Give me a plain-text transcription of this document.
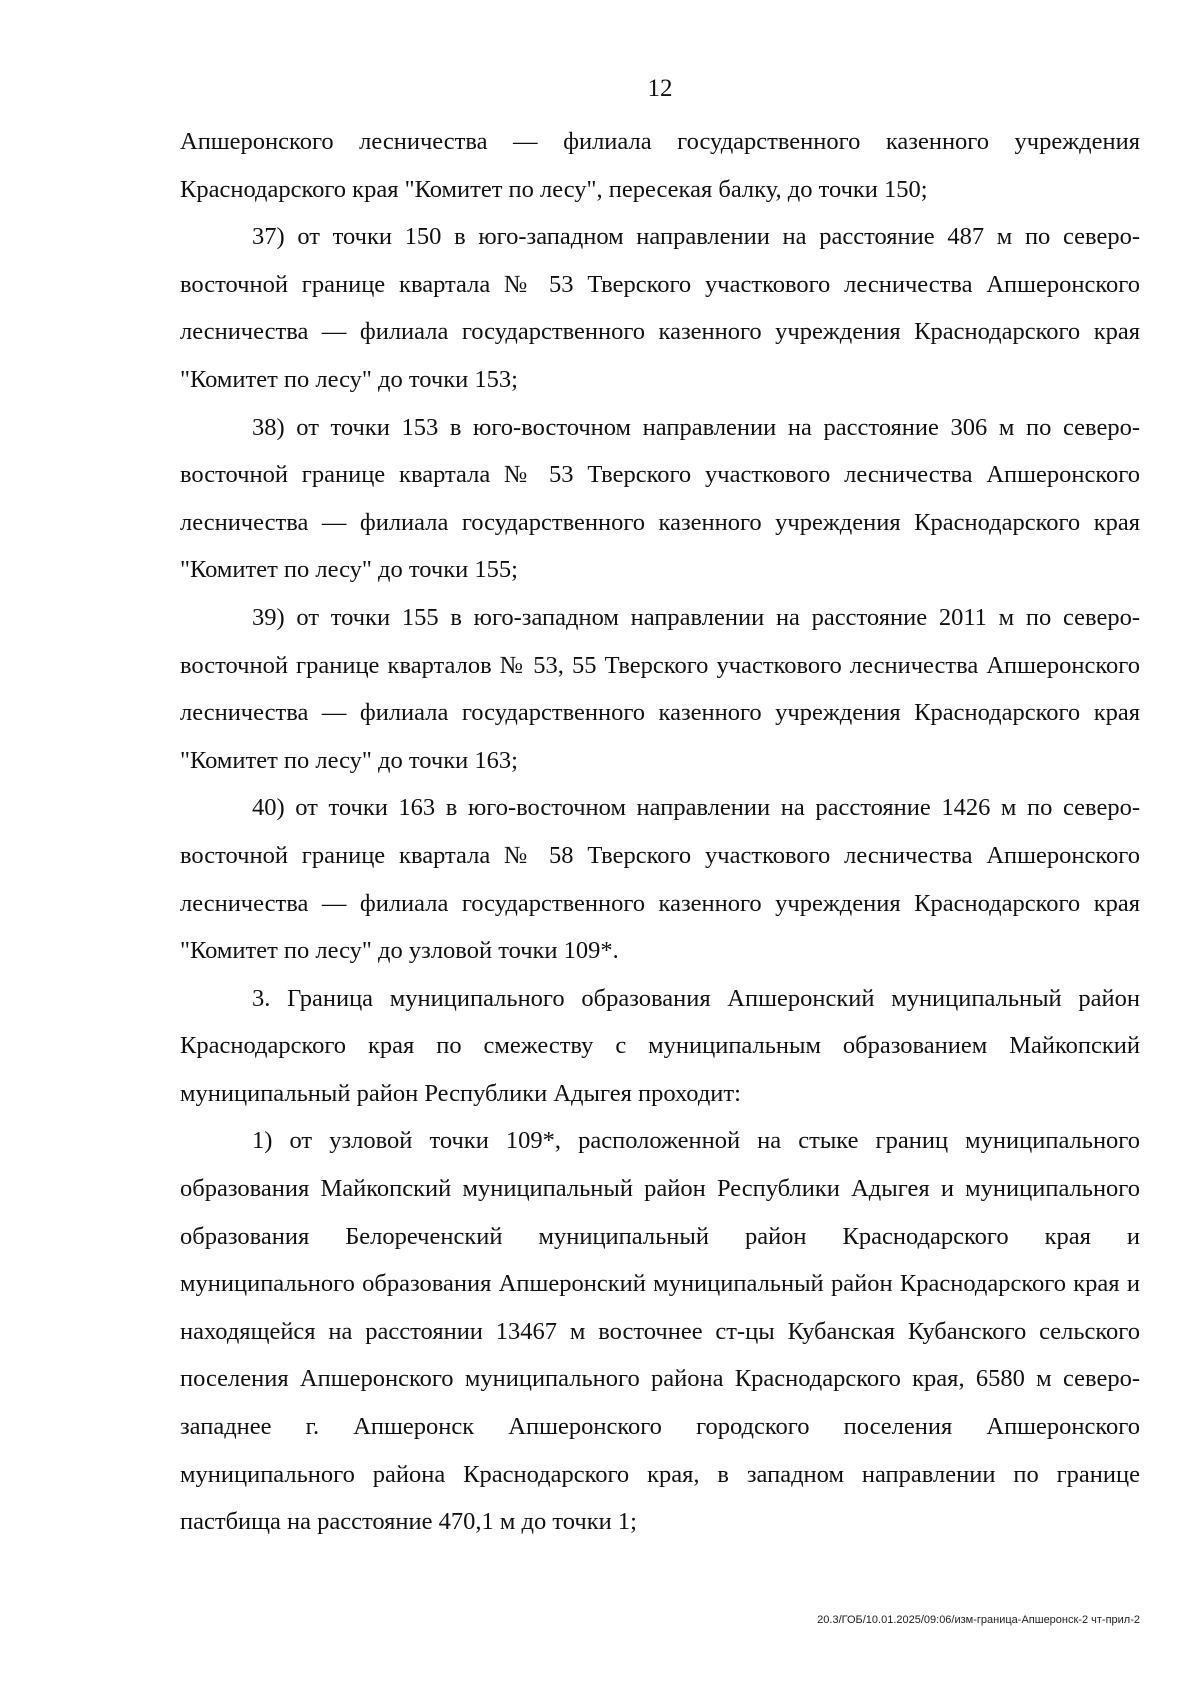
12

Апшеронского лесничества — филиала государственного казенного учреждения Краснодарского края "Комитет по лесу", пересекая балку, до точки 150;

37) от точки 150 в юго-западном направлении на расстояние 487 м по северо-восточной границе квартала № 53 Тверского участкового лесничества Апшеронского лесничества — филиала государственного казенного учреждения Краснодарского края "Комитет по лесу" до точки 153;

38) от точки 153 в юго-восточном направлении на расстояние 306 м по северо-восточной границе квартала № 53 Тверского участкового лесничества Апшеронского лесничества — филиала государственного казенного учреждения Краснодарского края "Комитет по лесу" до точки 155;

39) от точки 155 в юго-западном направлении на расстояние 2011 м по северо-восточной границе кварталов № 53, 55 Тверского участкового лесничества Апшеронского лесничества — филиала государственного казенного учреждения Краснодарского края "Комитет по лесу" до точки 163;

40) от точки 163 в юго-восточном направлении на расстояние 1426 м по северо-восточной границе квартала № 58 Тверского участкового лесничества Апшеронского лесничества — филиала государственного казенного учреждения Краснодарского края "Комитет по лесу" до узловой точки 109*.

3. Граница муниципального образования Апшеронский муниципальный район Краснодарского края по смежеству с муниципальным образованием Майкопский муниципальный район Республики Адыгея проходит:

1) от узловой точки 109*, расположенной на стыке границ муниципального образования Майкопский муниципальный район Республики Адыгея и муниципального образования Белореченский муниципальный район Краснодарского края и муниципального образования Апшеронский муниципальный район Краснодарского края и находящейся на расстоянии 13467 м восточнее ст-цы Кубанская Кубанского сельского поселения Апшеронского муниципального района Краснодарского края, 6580 м северо-западнее г. Апшеронск Апшеронского городского поселения Апшеронского муниципального района Краснодарского края, в западном направлении по границе пастбища на расстояние 470,1 м до точки 1;

20.3/ГОБ/10.01.2025/09:06/изм-граница-Апшеронск-2 чт-прил-2
